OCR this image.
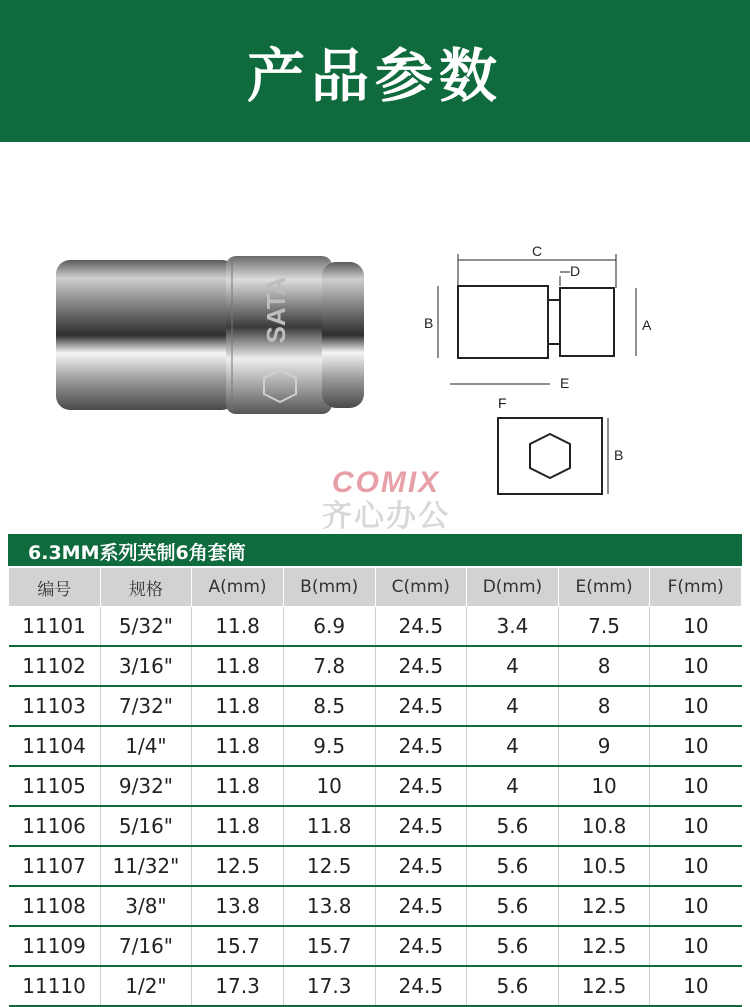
产品参数
SATA
C
D
B	A
E
F
B
COMIX
齐心办公
6.3MM系列英制6角套筒
编号	规格	A(mm)	B(mm)	C(mm)	D(mm)	E(mm)	F(mm)
11101	5/32"	11.8	6.9	24.5	3.4	7.5	10
11102	3/16"	11.8	7.8	24.5	4	8	10
11103	7/32"	11.8	8.5	24.5	4	8	10
11104	1/4"	11.8	9.5	24.5	4	9	10
11105	9/32"	11.8	10	24.5	4	10	10
11106	5/16"	11.8	11.8	24.5	5.6	10.8	10
11107	11/32"	12.5	12.5	24.5	5.6	10.5	10
11108	3/8"	13.8	13.8	24.5	5.6	12.5	10
11109	7/16"	15.7	15.7	24.5	5.6	12.5	10
11110	1/2"	17.3	17.3	24.5	5.6	12.5	10
